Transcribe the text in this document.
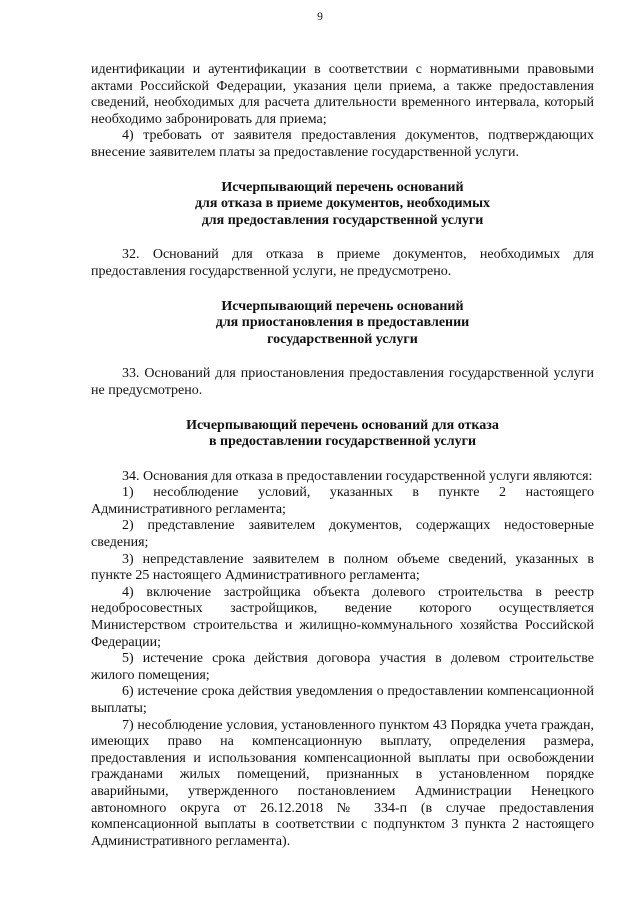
9

идентификации и аутентификации в соответствии с нормативными правовыми актами Российской Федерации, указания цели приема, а также предоставления сведений, необходимых для расчета длительности временного интервала, который необходимо забронировать для приема;

4) требовать от заявителя предоставления документов, подтверждающих внесение заявителем платы за предоставление государственной услуги.

Исчерпывающий перечень оснований
для отказа в приеме документов, необходимых
для предоставления государственной услуги

32. Оснований для отказа в приеме документов, необходимых для предоставления государственной услуги, не предусмотрено.

Исчерпывающий перечень оснований
для приостановления в предоставлении
государственной услуги

33. Оснований для приостановления предоставления государственной услуги не предусмотрено.

Исчерпывающий перечень оснований для отказа
в предоставлении государственной услуги

34. Основания для отказа в предоставлении государственной услуги являются:

1) несоблюдение условий, указанных в пункте 2 настоящего Административного регламента;

2) представление заявителем документов, содержащих недостоверные сведения;

3) непредставление заявителем в полном объеме сведений, указанных в пункте 25 настоящего Административного регламента;

4) включение застройщика объекта долевого строительства в реестр недобросовестных застройщиков, ведение которого осуществляется Министерством строительства и жилищно-коммунального хозяйства Российской Федерации;

5) истечение срока действия договора участия в долевом строительстве жилого помещения;

6) истечение срока действия уведомления о предоставлении компенсационной выплаты;

7) несоблюдение условия, установленного пунктом 43 Порядка учета граждан, имеющих право на компенсационную выплату, определения размера, предоставления и использования компенсационной выплаты при освобождении гражданами жилых помещений, признанных в установленном порядке аварийными, утвержденного постановлением Администрации Ненецкого автономного округа от 26.12.2018 № 334-п (в случае предоставления компенсационной выплаты в соответствии с подпунктом 3 пункта 2 настоящего Административного регламента).
